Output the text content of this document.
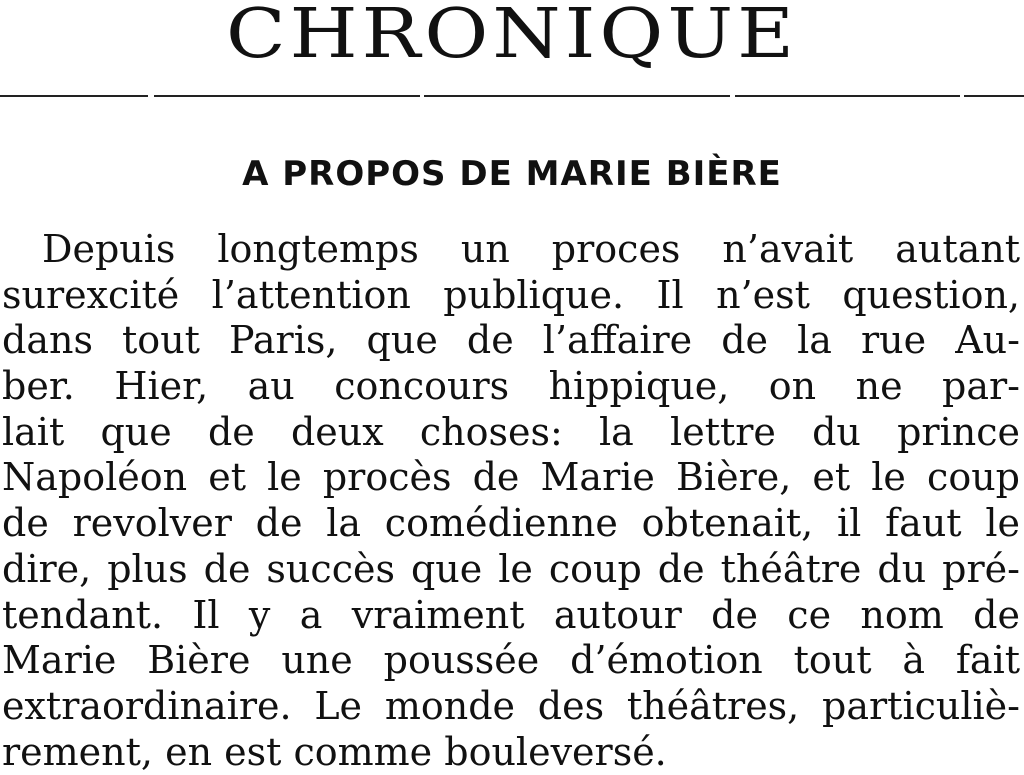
CHRONIQUE
A PROPOS DE MARIE BIÈRE
Depuis longtemps un proces n’avait autant
surexcité l’attention publique. Il n’est question,
dans tout Paris, que de l’affaire de la rue Au-
ber. Hier, au concours hippique, on ne par-
lait que de deux choses: la lettre du prince
Napoléon et le procès de Marie Bière, et le coup
de revolver de la comédienne obtenait, il faut le
dire, plus de succès que le coup de théâtre du pré-
tendant. Il y a vraiment autour de ce nom de
Marie Bière une poussée d’émotion tout à fait
extraordinaire. Le monde des théâtres, particuliè-
rement, en est comme bouleversé.
